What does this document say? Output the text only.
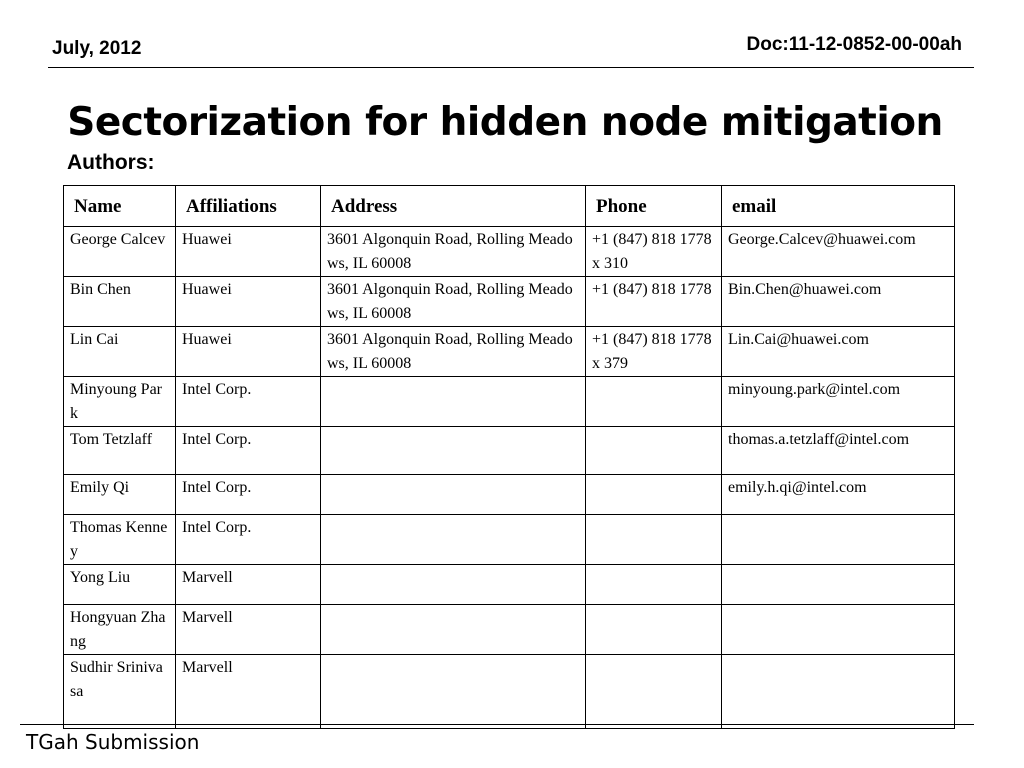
July, 2012	Doc:11-12-0852-00-00ah
Sectorization for hidden node mitigation
Authors:
Name	Affiliations	Address	Phone	email
George Calcev	Huawei	3601 Algonquin Road, Rolling Meadows, IL 60008	+1 (847) 818 1778 x 310	George.Calcev@huawei.com
Bin Chen	Huawei	3601 Algonquin Road, Rolling Meadows, IL 60008	+1 (847) 818 1778	Bin.Chen@huawei.com
Lin Cai	Huawei	3601 Algonquin Road, Rolling Meadows, IL 60008	+1 (847) 818 1778 x 379	Lin.Cai@huawei.com
Minyoung Park	Intel Corp.			minyoung.park@intel.com
Tom Tetzlaff	Intel Corp.			thomas.a.tetzlaff@intel.com
Emily Qi	Intel Corp.			emily.h.qi@intel.com
Thomas Kenney	Intel Corp.			
Yong Liu	Marvell			
Hongyuan Zhang	Marvell			
Sudhir Srinivasa	Marvell			
TGah Submission
